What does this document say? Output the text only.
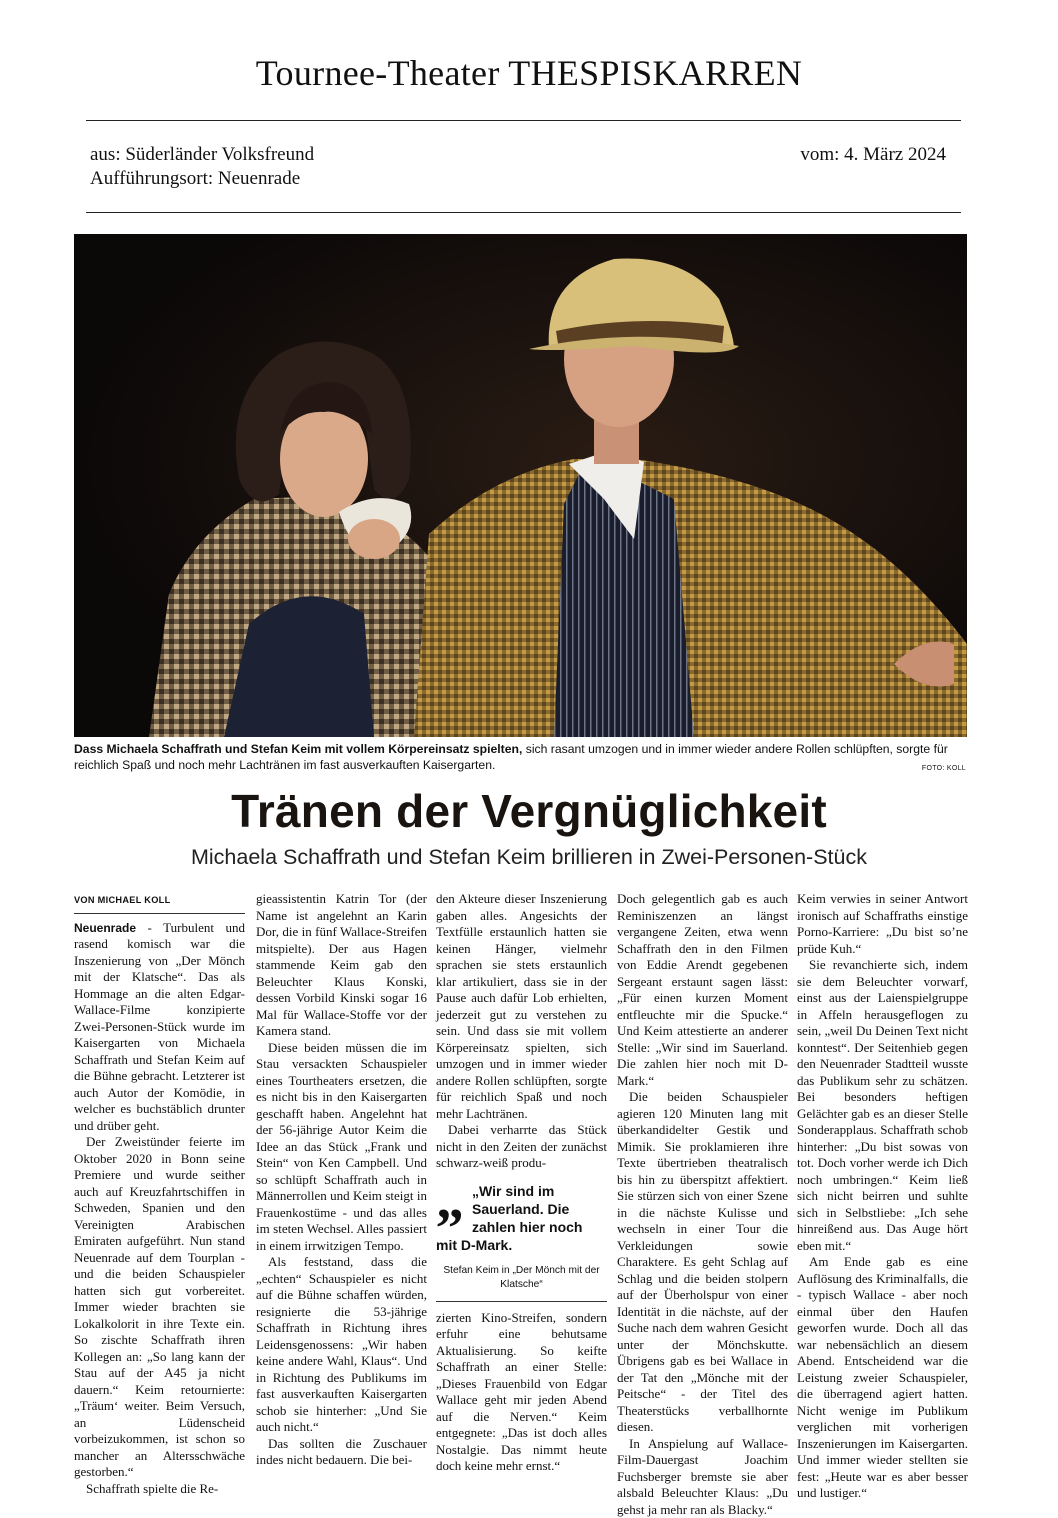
Tournee-Theater THESPISKARREN
aus: Süderländer Volksfreund
Aufführungsort: Neuenrade
vom: 4. März 2024
Dass Michaela Schaffrath und Stefan Keim mit vollem Körpereinsatz spielten, sich rasant umzogen und in immer wieder andere Rollen schlüpften, sorgte für reichlich Spaß und noch mehr Lachtränen im fast ausverkauften Kaisergarten.	FOTO: KOLL
Tränen der Vergnüglichkeit
Michaela Schaffrath und Stefan Keim brillieren in Zwei-Personen-Stück
VON MICHAEL KOLL

Neuenrade - Turbulent und rasend komisch war die Inszenierung von „Der Mönch mit der Klatsche“. Das als Hommage an die alten Edgar-Wallace-Filme konzipierte Zwei-Personen-Stück wurde im Kaisergarten von Michaela Schaffrath und Stefan Keim auf die Bühne gebracht. Letzterer ist auch Autor der Komödie, in welcher es buchstäblich drunter und drüber geht.

Der Zweistünder feierte im Oktober 2020 in Bonn seine Premiere und wurde seither auch auf Kreuzfahrtschiffen in Schweden, Spanien und den Vereinigten Arabischen Emiraten aufgeführt. Nun stand Neuenrade auf dem Tourplan - und die beiden Schauspieler hatten sich gut vorbereitet. Immer wieder brachten sie Lokalkolorit in ihre Texte ein. So zischte Schaffrath ihren Kollegen an: „So lang kann der Stau auf der A45 ja nicht dauern.“ Keim retournierte: „Träum‘ weiter. Beim Versuch, an Lüdenscheid vorbeizukommen, ist schon so mancher an Altersschwäche gestorben.“

Schaffrath spielte die Re-

gieassistentin Katrin Tor (der Name ist angelehnt an Karin Dor, die in fünf Wallace-Streifen mitspielte). Der aus Hagen stammende Keim gab den Beleuchter Klaus Konski, dessen Vorbild Kinski sogar 16 Mal für Wallace-Stoffe vor der Kamera stand.

Diese beiden müssen die im Stau versackten Schauspieler eines Tourtheaters ersetzen, die es nicht bis in den Kaisergarten geschafft haben. Angelehnt hat der 56-jährige Autor Keim die Idee an das Stück „Frank und Stein“ von Ken Campbell. Und so schlüpft Schaffrath auch in Männerrollen und Keim steigt in Frauenkostüme - und das alles im steten Wechsel. Alles passiert in einem irrwitzigen Tempo.

Als feststand, dass die „echten“ Schauspieler es nicht auf die Bühne schaffen würden, resignierte die 53-jährige Schaffrath in Richtung ihres Leidensgenossens: „Wir haben keine andere Wahl, Klaus“. Und in Richtung des Publikums im fast ausverkauften Kaisergarten schob sie hinterher: „Und Sie auch nicht.“

Das sollten die Zuschauer indes nicht bedauern. Die bei-

den Akteure dieser Inszenierung gaben alles. Angesichts der Textfülle erstaunlich hatten sie keinen Hänger, vielmehr sprachen sie stets erstaunlich klar artikuliert, dass sie in der Pause auch dafür Lob erhielten, jederzeit gut zu verstehen zu sein. Und dass sie mit vollem Körpereinsatz spielten, sich umzogen und in immer wieder andere Rollen schlüpften, sorgte für reichlich Spaß und noch mehr Lachtränen.

Dabei verharrte das Stück nicht in den Zeiten der zunächst schwarz-weiß produ-

„ „Wir sind im Sauerland. Die zahlen hier noch mit D-Mark.
Stefan Keim in „Der Mönch mit der Klatsche“

zierten Kino-Streifen, sondern erfuhr eine behutsame Aktualisierung. So keifte Schaffrath an einer Stelle: „Dieses Frauenbild von Edgar Wallace geht mir jeden Abend auf die Nerven.“ Keim entgegnete: „Das ist doch alles Nostalgie. Das nimmt heute doch keine mehr ernst.“

Doch gelegentlich gab es auch Reminiszenzen an längst vergangene Zeiten, etwa wenn Schaffrath den in den Filmen von Eddie Arendt gegebenen Sergeant erstaunt sagen lässt: „Für einen kurzen Moment entfleuchte mir die Spucke.“ Und Keim attestierte an anderer Stelle: „Wir sind im Sauerland. Die zahlen hier noch mit D-Mark.“

Die beiden Schauspieler agieren 120 Minuten lang mit überkandidelter Gestik und Mimik. Sie proklamieren ihre Texte übertrieben theatralisch bis hin zu überspitzt affektiert. Sie stürzen sich von einer Szene in die nächste Kulisse und wechseln in einer Tour die Verkleidungen sowie Charaktere. Es geht Schlag auf Schlag und die beiden stolpern auf der Überholspur von einer Identität in die nächste, auf der Suche nach dem wahren Gesicht unter der Mönchskutte. Übrigens gab es bei Wallace in der Tat den „Mönche mit der Peitsche“ - der Titel des Theaterstücks verballhornte diesen.

In Anspielung auf Wallace-Film-Dauergast Joachim Fuchsberger bremste sie aber alsbald Beleuchter Klaus: „Du gehst ja mehr ran als Blacky.“

Keim verwies in seiner Antwort ironisch auf Schaffraths einstige Porno-Karriere: „Du bist so’ne prüde Kuh.“

Sie revanchierte sich, indem sie dem Beleuchter vorwarf, einst aus der Laienspielgruppe in Affeln herausgeflogen zu sein, „weil Du Deinen Text nicht konntest“. Der Seitenhieb gegen den Neuenrader Stadtteil wusste das Publikum sehr zu schätzen. Bei besonders heftigen Gelächter gab es an dieser Stelle Sonderapplaus. Schaffrath schob hinterher: „Du bist sowas von tot. Doch vorher werde ich Dich noch umbringen.“ Keim ließ sich nicht beirren und suhlte sich in Selbstliebe: „Ich sehe hinreißend aus. Das Auge hört eben mit.“

Am Ende gab es eine Auflösung des Kriminalfalls, die - typisch Wallace - aber noch einmal über den Haufen geworfen wurde. Doch all das war nebensächlich an diesem Abend. Entscheidend war die Leistung zweier Schauspieler, die überragend agiert hatten. Nicht wenige im Publikum verglichen mit vorherigen Inszenierungen im Kaisergarten. Und immer wieder stellten sie fest: „Heute war es aber besser und lustiger.“
